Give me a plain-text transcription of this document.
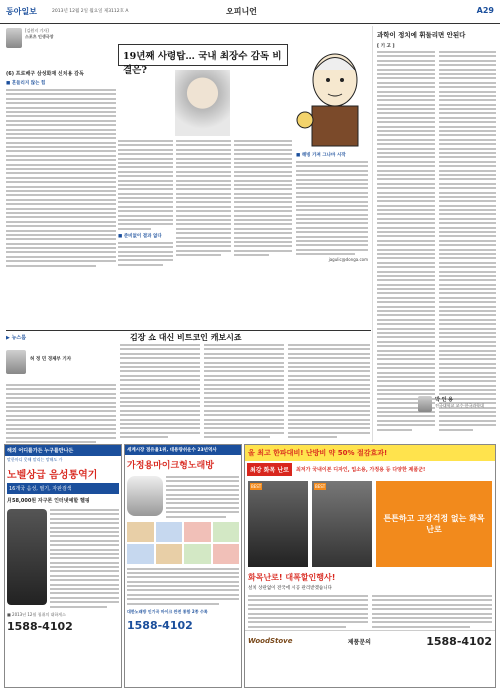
동아일보	2013년 12월 2일 월요일 제3112호 A	오피니언	A29
[김원지 기자]
스포츠 인생극장
19년째 사령탑… 국내 최장수 감독 비결은?
(6) 프로배구 삼성화재 신치용 감독
■ 흔들리지 않는 힘
■ 준비없이 결과 없다
■ 해빙 가져 그나마 시작
jagulic@donga.com
과학이 정치에 휘둘리면 안된다
[ 기 고 ]
박 인 용
전국대학교 교수·한국과학대
▶ 뉴스룸	김장 쇼 대신 비트코인 캐보시죠
허 정 민 경제부 기자
해외 어디를가든 누구를만나든
말한마디 못해 말리는 망해도 가
노벨상급 음성통역기
16개국 음성, 필기, 자판검색
月58,000원 자구론 인터넷예할 헬핑
■ 2013년 12월 청취의 대하게스
1588-4102
세계시장 점유율1위, 대용량쉬운수 23년역사
가정용마이크형노래방
대한노래방 인기곡 마이크 완전 통합 2종 수록
1588-4102
올 최고 한파대비! 난방비 약 50% 절감효과!
최강 화목 난로	최저가 국내이본 디자인, 업소용, 가정용 등 다양한 제품군!
BEST	BEST
튼튼하고 고장걱정 없는 화목난로
화목난로! 대폭할인행사!
설치 상관없이 전국에 시공 관리받겠습니다
WoodStove	제품문의	1588-4102
